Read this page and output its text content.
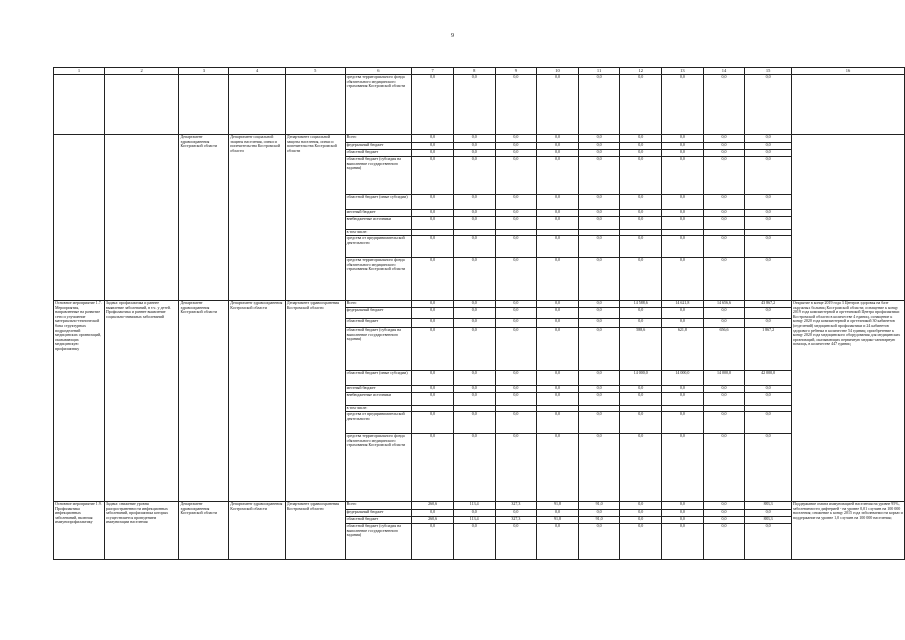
9
1	2	3	4	5	6	7	8	9	10	11	12	13	14	15	16
					средства территориального фонда обязательного медицинского страхования Костромской области	0,0	0,0	0,0	0,0	0,0	0,0	0,0	0,0	0,0	
		Департамент здравоохранения Костромской области	Департамент социальной защиты населения, опеки и попечительства Костромской области	Департамент социальной защиты населения, опеки и попечительства Костромской области	Всего	0,0	0,0	0,0	0,0	0,0	0,0	0,0	0,0	0,0	
					федеральный бюджет	0,0	0,0	0,0	0,0	0,0	0,0	0,0	0,0	0,0	
					областной бюджет	0,0	0,0	0,0	0,0	0,0	0,0	0,0	0,0	0,0	
					областной бюджет (субсидия на выполнение государственного задания)	0,0	0,0	0,0	0,0	0,0	0,0	0,0	0,0	0,0	
					областной бюджет (иные субсидии)	0,0	0,0	0,0	0,0	0,0	0,0	0,0	0,0	0,0	
					местный бюджет	0,0	0,0	0,0	0,0	0,0	0,0	0,0	0,0	0,0	
					внебюджетные источники	0,0	0,0	0,0	0,0	0,0	0,0	0,0	0,0	0,0	
					в том числе:										
					средства от предпринимательской деятельности	0,0	0,0	0,0	0,0	0,0	0,0	0,0	0,0	0,0	
					средства территориального фонда обязательного медицинского страхования Костромской области	0,0	0,0	0,0	0,0	0,0	0,0	0,0	0,0	0,0	
Основное мероприятие 1.7. Мероприятия, направленные на развитие сети и улучшение материально-технической базы структурных подразделений медицинских организаций, оказывающих медицинскую профилактику	Задача: профилактика и раннее выявление заболеваний, в т.ч. у детей. Профилактика и раннее выявление социально-значимых заболеваний	Департамент здравоохранения Костромской области	Департамент здравоохранения Костромской области	Департамент здравоохранения Костромской области	Всего	0,0	0,0	0,0	0,0	0,0	14 588,6	14 621,8	14 656,6	43 867,2	Открытие в конце 2019 года 3 Центров здоровья на базе окружных больниц Костромской области; оснащение к концу 2019 года компьютерной и оргтехникой Центра профилактики Костромской области в количестве 4 единиц, оснащение к концу 2020 года компьютерной и оргтехникой 30 кабинетов (отделений) медицинской профилактики и 24 кабинетов здорового ребенка в количестве 54 единиц; приобретение к концу 2020 года медицинского оборудования для медицинских организаций, оказывающих первичную медико-санитарную помощь, в количестве 447 единиц
					федеральный бюджет	0,0	0,0	0,0	0,0	0,0	0,0	0,0	0,0	0,0	
					областной бюджет	0,0	0,0	0,0	0,0	0,0	0,0	0,0	0,0	0,0	
					областной бюджет (субсидия на выполнение государственного задания)	0,0	0,0	0,0	0,0	0,0	588,6	621,8	656,6	1 867,2	
					областной бюджет (иные субсидии)	0,0	0,0	0,0	0,0	0,0	14 000,0	14 000,0	14 000,0	42 000,0	
					местный бюджет	0,0	0,0	0,0	0,0	0,0	0,0	0,0	0,0	0,0	
					внебюджетные источники	0,0	0,0	0,0	0,0	0,0	0,0	0,0	0,0	0,0	
					в том числе:										
					средства от предпринимательской деятельности	0,0	0,0	0,0	0,0	0,0	0,0	0,0	0,0	0,0	
					средства территориального фонда обязательного медицинского страхования Костромской области	0,0	0,0	0,0	0,0	0,0	0,0	0,0	0,0	0,0	
Основное мероприятие 1.9. Профилактика инфекционных заболеваний, включая иммунопрофилактику	Задача: снижение уровня распространенности инфекционных заболеваний, профилактика которых осуществляется проведением иммунизации населения	Департамент здравоохранения Костромской области	Департамент здравоохранения Костромской области	Департамент здравоохранения Костромской области	Всего	260,6	113,4	327,3	91,8	91,0	0,0	0,0	0,0	883,3	Поддержание охвата иммунизацией населения на уровне 95%, заболеваемости дифтерией - на уровне 0,01 случаев на 100 000 населения; снижение к концу 2015 года заболеваемости корью и поддержание на уровне 1,0 случаев на 100 000 населения;
					федеральный бюджет	0,0	0,0	0,0	0,0	0,0	0,0	0,0	0,0	0,0	
					областной бюджет	260,6	113,4	327,3	91,8	91,0	0,0	0,0	0,0	883,3	
					областной бюджет (субсидия на выполнение государственного задания)	0,0	0,0	0,0	0,0	0,0	0,0	0,0	0,0	0,0	
